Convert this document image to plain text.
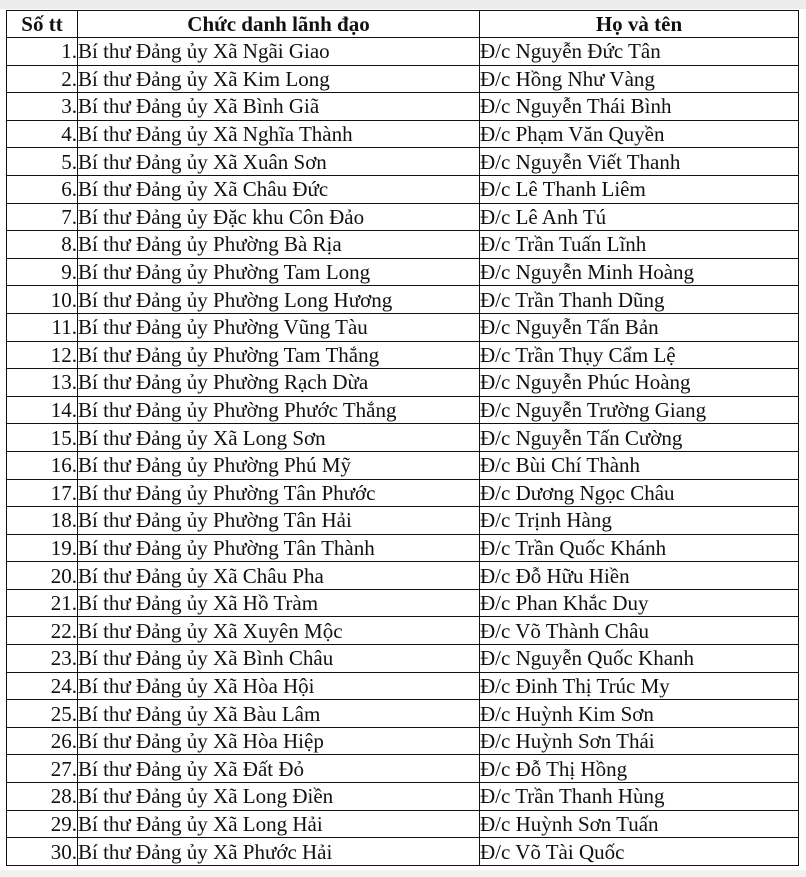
Số tt	Chức danh lãnh đạo	Họ và tên
1.	Bí thư Đảng ủy Xã Ngãi Giao	Đ/c Nguyễn Đức Tân
2.	Bí thư Đảng ủy Xã Kim Long	Đ/c Hồng Như Vàng
3.	Bí thư Đảng ủy Xã Bình Giã	Đ/c Nguyễn Thái Bình
4.	Bí thư Đảng ủy Xã Nghĩa Thành	Đ/c Phạm Văn Quyền
5.	Bí thư Đảng ủy Xã Xuân Sơn	Đ/c Nguyễn Viết Thanh
6.	Bí thư Đảng ủy Xã Châu Đức	Đ/c Lê Thanh Liêm
7.	Bí thư Đảng ủy Đặc khu Côn Đảo	Đ/c Lê Anh Tú
8.	Bí thư Đảng ủy Phường Bà Rịa	Đ/c Trần Tuấn Lĩnh
9.	Bí thư Đảng ủy Phường Tam Long	Đ/c Nguyễn Minh Hoàng
10.	Bí thư Đảng ủy Phường Long Hương	Đ/c Trần Thanh Dũng
11.	Bí thư Đảng ủy Phường Vũng Tàu	Đ/c Nguyễn Tấn Bản
12.	Bí thư Đảng ủy Phường Tam Thắng	Đ/c Trần Thụy Cẩm Lệ
13.	Bí thư Đảng ủy Phường Rạch Dừa	Đ/c Nguyễn Phúc Hoàng
14.	Bí thư Đảng ủy Phường Phước Thắng	Đ/c Nguyễn Trường Giang
15.	Bí thư Đảng ủy Xã Long Sơn	Đ/c Nguyễn Tấn Cường
16.	Bí thư Đảng ủy Phường Phú Mỹ	Đ/c Bùi Chí Thành
17.	Bí thư Đảng ủy Phường Tân Phước	Đ/c Dương Ngọc Châu
18.	Bí thư Đảng ủy Phường Tân Hải	Đ/c Trịnh Hàng
19.	Bí thư Đảng ủy Phường Tân Thành	Đ/c Trần Quốc Khánh
20.	Bí thư Đảng ủy Xã Châu Pha	Đ/c Đỗ Hữu Hiền
21.	Bí thư Đảng ủy Xã Hồ Tràm	Đ/c Phan Khắc Duy
22.	Bí thư Đảng ủy Xã Xuyên Mộc	Đ/c Võ Thành Châu
23.	Bí thư Đảng ủy Xã Bình Châu	Đ/c Nguyễn Quốc Khanh
24.	Bí thư Đảng ủy Xã Hòa Hội	Đ/c Đinh Thị Trúc My
25.	Bí thư Đảng ủy Xã Bàu Lâm	Đ/c Huỳnh Kim Sơn
26.	Bí thư Đảng ủy Xã Hòa Hiệp	Đ/c Huỳnh Sơn Thái
27.	Bí thư Đảng ủy Xã Đất Đỏ	Đ/c Đỗ Thị Hồng
28.	Bí thư Đảng ủy Xã Long Điền	Đ/c Trần Thanh Hùng
29.	Bí thư Đảng ủy Xã Long Hải	Đ/c Huỳnh Sơn Tuấn
30.	Bí thư Đảng ủy Xã Phước Hải	Đ/c Võ Tài Quốc
